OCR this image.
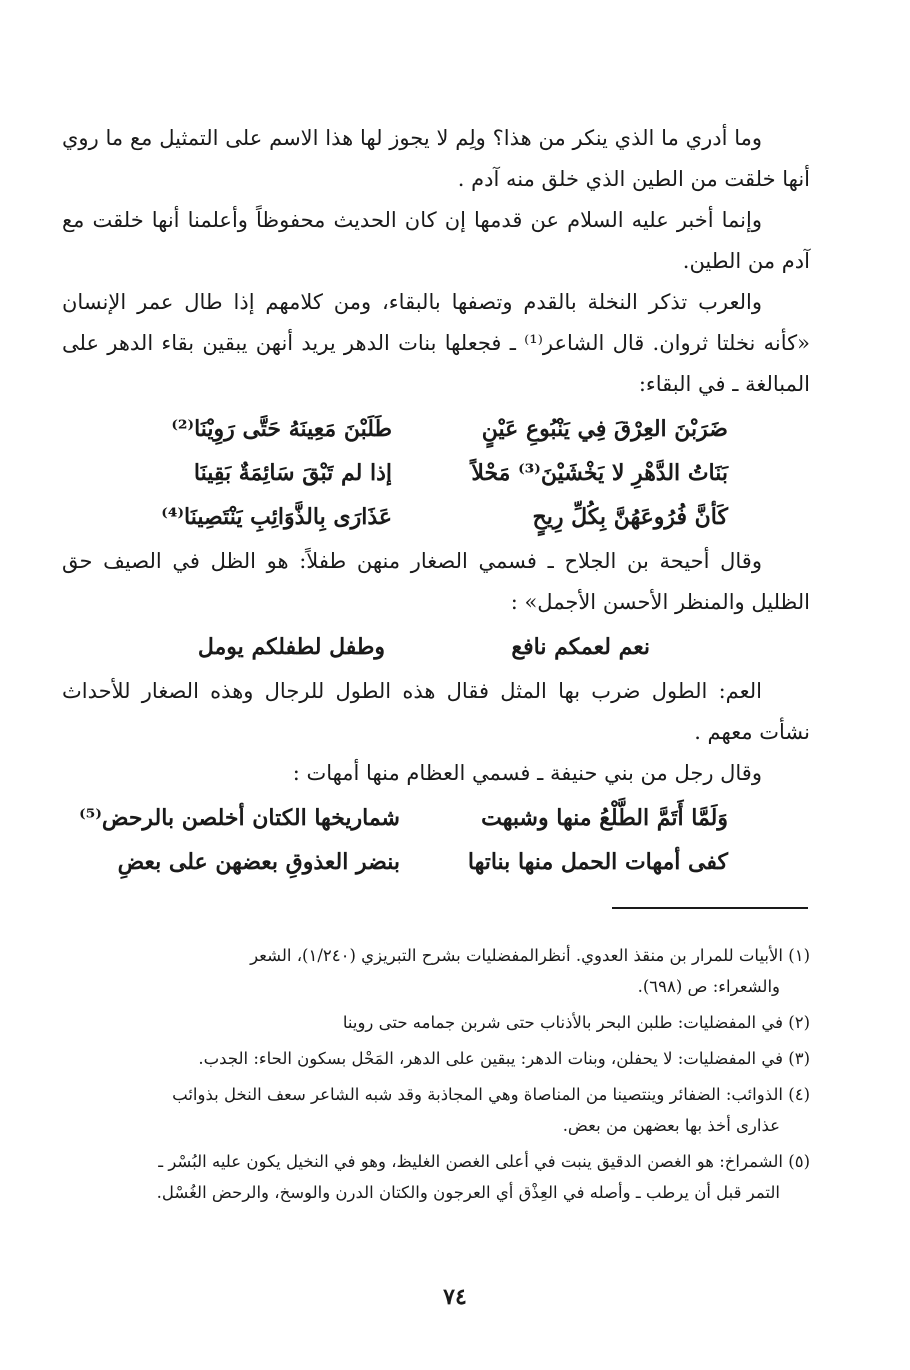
وما أدري ما الذي ينكر من هذا؟ ولِم لا يجوز لها هذا الاسم على التمثيل مع ما روي أنها خلقت من الطين الذي خلق منه آدم .

وإنما أخبر عليه السلام عن قدمها إن كان الحديث محفوظاً وأعلمنا أنها خلقت مع آدم من الطين.

والعرب تذكر النخلة بالقدم وتصفها بالبقاء، ومن كلامهم إذا طال عمر الإنسان «كأنه نخلتا ثروان. قال الشاعر⁽¹⁾ ـ فجعلها بنات الدهر يريد أنهن يبقين بقاء الدهر على المبالغة ـ في البقاء:

ضَرَبْنَ العِرْقَ فِي يَنْبُوعِ عَيْنٍ
طَلَبْنَ مَعِينَهُ حَتَّى رَوِيْنَا⁽²⁾
بَنَاتُ الدَّهْرِ لا يَخْشَيْنَ⁽³⁾ مَحْلاً
إذا لم تَبْقَ سَائِمَةٌ بَقِينَا
كَأنَّ فُرُوعَهُنَّ بِكُلِّ رِيحٍ
عَذَارَى بِالذَّوَائِبِ يَنْتَصِينَا⁽⁴⁾

وقال أحيحة بن الجلاح ـ فسمي الصغار منهن طفلاً: هو الظل في الصيف حق الظليل والمنظر الأحسن الأجمل» :

نعم لعمكم نافع
وطفل لطفلكم يومل

العم: الطول ضرب بها المثل فقال هذه الطول للرجال وهذه الصغار للأحداث نشأت معهم .

وقال رجل من بني حنيفة ـ فسمي العظام منها أمهات :

وَلَمَّا أَتَمَّ الطَّلْعُ منها وشبهت
شماريخها الكتان أخلصن بالرحض⁽⁵⁾
كفى أمهات الحمل منها بناتها
بنضر العذوقِ بعضهن على بعضِ

(١) الأبيات للمرار بن منقذ العدوي. أنظرالمفضليات بشرح التبريزي (١/٢٤٠)، الشعر
والشعراء: ص (٦٩٨).

(٢) في المفضليات: طلبن البحر بالأذناب حتى شربن جمامه حتى روينا

(٣) في المفضليات: لا يحفلن، وبنات الدهر: يبقين على الدهر، المَحْل بسكون الحاء: الجدب.

(٤) الذوائب: الضفائر وينتصينا من المناصاة وهي المجاذبة وقد شبه الشاعر سعف النخل بذوائب
عذارى أخذ بها بعضهن من بعض.

(٥) الشمراخ: هو الغصن الدقيق ينبت في أعلى الغصن الغليظ، وهو في النخيل يكون عليه البُسْر ـ
التمر قبل أن يرطب ـ وأصله في العِذْق أي العرجون والكتان الدرن والوسخ، والرحض الغُسْل.

٧٤
